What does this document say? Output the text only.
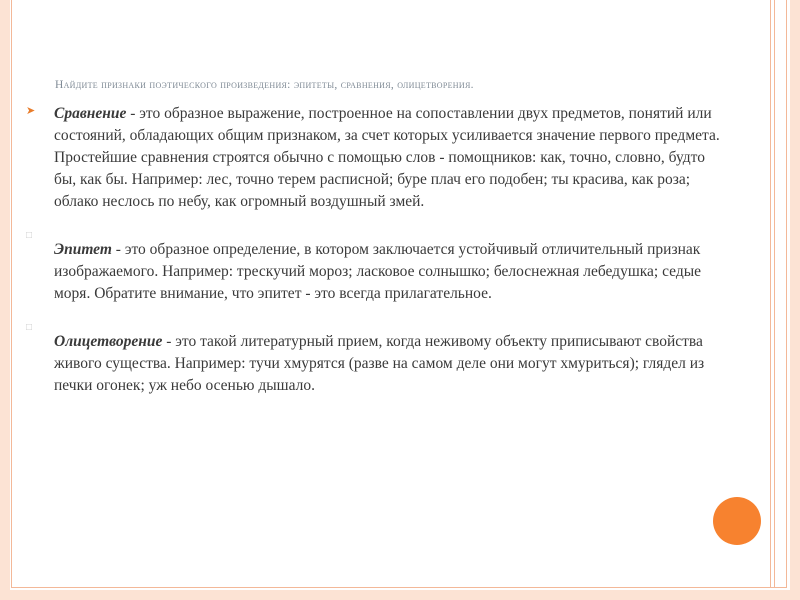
Найдите признаки поэтического произведения: эпитеты, сравнения, олицетворения.
➤ Сравнение - это образное выражение, построенное на сопоставлении двух предметов, понятий или состояний, обладающих общим признаком, за счет которых усиливается значение первого предмета. Простейшие сравнения строятся обычно с помощью слов - помощников: как, точно, словно, будто бы, как бы. Например: лес, точно терем расписной; буре плач его подобен; ты красива, как роза; облако неслось по небу, как огромный воздушный змей.
□
Эпитет - это образное определение, в котором заключается устойчивый отличительный признак изображаемого. Например: трескучий мороз; ласковое солнышко; белоснежная лебедушка; седые моря. Обратите внимание, что эпитет - это всегда прилагательное.
□
Олицетворение - это такой литературный прием, когда неживому объекту приписывают свойства живого существа. Например: тучи хмурятся (разве на самом деле они могут хмуриться); глядел из печки огонек; уж небо осенью дышало.
